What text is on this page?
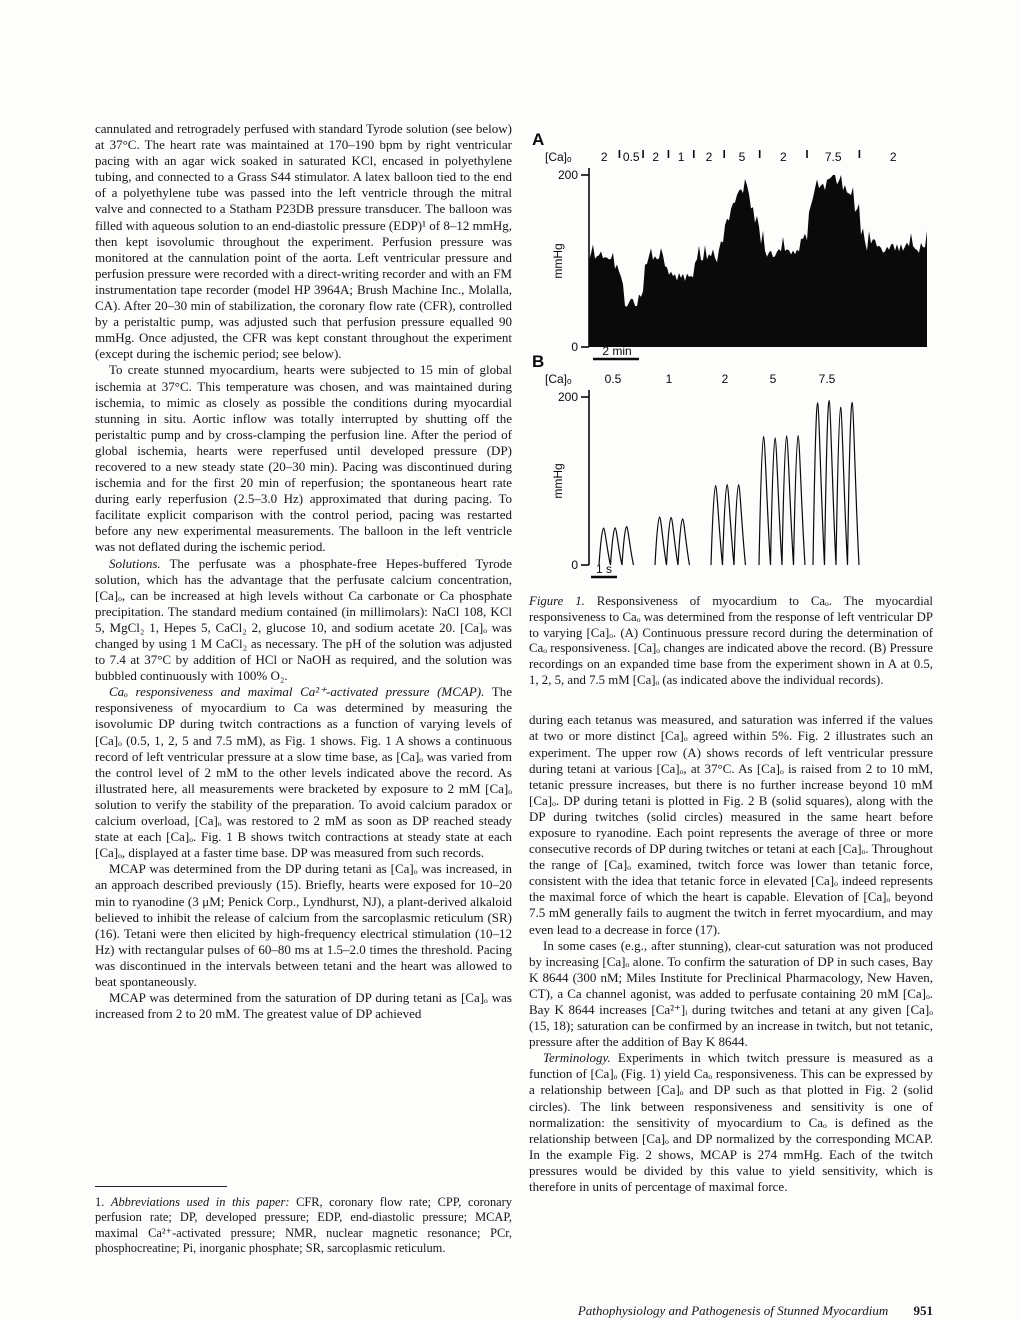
cannulated and retrogradely perfused with standard Tyrode solution (see below) at 37°C. The heart rate was maintained at 170–190 bpm by right ventricular pacing with an agar wick soaked in saturated KCl, encased in polyethylene tubing, and connected to a Grass S44 stimulator. A latex balloon tied to the end of a polyethylene tube was passed into the left ventricle through the mitral valve and connected to a Statham P23DB pressure transducer. The balloon was filled with aqueous solution to an end-diastolic pressure (EDP)¹ of 8–12 mmHg, then kept isovolumic throughout the experiment. Perfusion pressure was monitored at the cannulation point of the aorta. Left ventricular pressure and perfusion pressure were recorded with a direct-writing recorder and with an FM instrumentation tape recorder (model HP 3964A; Brush Machine Inc., Molalla, CA). After 20–30 min of stabilization, the coronary flow rate (CFR), controlled by a peristaltic pump, was adjusted such that perfusion pressure equalled 90 mmHg. Once adjusted, the CFR was kept constant throughout the experiment (except during the ischemic period; see below).

To create stunned myocardium, hearts were subjected to 15 min of global ischemia at 37°C. This temperature was chosen, and was maintained during ischemia, to mimic as closely as possible the conditions during myocardial stunning in situ. Aortic inflow was totally interrupted by shutting off the peristaltic pump and by cross-clamping the perfusion line. After the period of global ischemia, hearts were reperfused until developed pressure (DP) recovered to a new steady state (20–30 min). Pacing was discontinued during ischemia and for the first 20 min of reperfusion; the spontaneous heart rate during early reperfusion (2.5–3.0 Hz) approximated that during pacing. To facilitate explicit comparison with the control period, pacing was restarted before any new experimental measurements. The balloon in the left ventricle was not deflated during the ischemic period.

Solutions. The perfusate was a phosphate-free Hepes-buffered Tyrode solution, which has the advantage that the perfusate calcium concentration, [Ca]ₒ, can be increased at high levels without Ca carbonate or Ca phosphate precipitation. The standard medium contained (in millimolars): NaCl 108, KCl 5, MgCl₂ 1, Hepes 5, CaCl₂ 2, glucose 10, and sodium acetate 20. [Ca]ₒ was changed by using 1 M CaCl₂ as necessary. The pH of the solution was adjusted to 7.4 at 37°C by addition of HCl or NaOH as required, and the solution was bubbled continuously with 100% O₂.

Caₒ responsiveness and maximal Ca²⁺-activated pressure (MCAP). The responsiveness of myocardium to Ca was determined by measuring the isovolumic DP during twitch contractions as a function of varying levels of [Ca]ₒ (0.5, 1, 2, 5 and 7.5 mM), as Fig. 1 shows. Fig. 1 A shows a continuous record of left ventricular pressure at a slow time base, as [Ca]ₒ was varied from the control level of 2 mM to the other levels indicated above the record. As illustrated here, all measurements were bracketed by exposure to 2 mM [Ca]ₒ solution to verify the stability of the preparation. To avoid calcium paradox or calcium overload, [Ca]ₒ was restored to 2 mM as soon as DP reached steady state at each [Ca]ₒ. Fig. 1 B shows twitch contractions at steady state at each [Ca]ₒ, displayed at a faster time base. DP was measured from such records.

MCAP was determined from the DP during tetani as [Ca]ₒ was increased, in an approach described previously (15). Briefly, hearts were exposed for 10–20 min to ryanodine (3 μM; Penick Corp., Lyndhurst, NJ), a plant-derived alkaloid believed to inhibit the release of calcium from the sarcoplasmic reticulum (SR) (16). Tetani were then elicited by high-frequency electrical stimulation (10–12 Hz) with rectangular pulses of 60–80 ms at 1.5–2.0 times the threshold. Pacing was discontinued in the intervals between tetani and the heart was allowed to beat spontaneously.

MCAP was determined from the saturation of DP during tetani as [Ca]ₒ was increased from 2 to 20 mM. The greatest value of DP achieved

A
[Ca]ₒ
200
0
mmHg
2 0.5 2 1 2 5	2	7.5	2
2 min
B
[Ca]ₒ
200
0
mmHg
0.5	1	2	5	7.5
1 s

Figure 1. Responsiveness of myocardium to Caₒ. The myocardial responsiveness to Caₒ was determined from the response of left ventricular DP to varying [Ca]ₒ. (A) Continuous pressure record during the determination of Caₒ responsiveness. [Ca]ₒ changes are indicated above the record. (B) Pressure recordings on an expanded time base from the experiment shown in A at 0.5, 1, 2, 5, and 7.5 mM [Ca]ₒ (as indicated above the individual records).

during each tetanus was measured, and saturation was inferred if the values at two or more distinct [Ca]ₒ agreed within 5%. Fig. 2 illustrates such an experiment. The upper row (A) shows records of left ventricular pressure during tetani at various [Ca]ₒ, at 37°C. As [Ca]ₒ is raised from 2 to 10 mM, tetanic pressure increases, but there is no further increase beyond 10 mM [Ca]ₒ. DP during tetani is plotted in Fig. 2 B (solid squares), along with the DP during twitches (solid circles) measured in the same heart before exposure to ryanodine. Each point represents the average of three or more consecutive records of DP during twitches or tetani at each [Ca]ₒ. Throughout the range of [Ca]ₒ examined, twitch force was lower than tetanic force, consistent with the idea that tetanic force in elevated [Ca]ₒ indeed represents the maximal force of which the heart is capable. Elevation of [Ca]ₒ beyond 7.5 mM generally fails to augment the twitch in ferret myocardium, and may even lead to a decrease in force (17).

In some cases (e.g., after stunning), clear-cut saturation was not produced by increasing [Ca]ₒ alone. To confirm the saturation of DP in such cases, Bay K 8644 (300 nM; Miles Institute for Preclinical Pharmacology, New Haven, CT), a Ca channel agonist, was added to perfusate containing 20 mM [Ca]ₒ. Bay K 8644 increases [Ca²⁺]ᵢ during twitches and tetani at any given [Ca]ₒ (15, 18); saturation can be confirmed by an increase in twitch, but not tetanic, pressure after the addition of Bay K 8644.

Terminology. Experiments in which twitch pressure is measured as a function of [Ca]ₒ (Fig. 1) yield Caₒ responsiveness. This can be expressed by a relationship between [Ca]ₒ and DP such as that plotted in Fig. 2 (solid circles). The link between responsiveness and sensitivity is one of normalization: the sensitivity of myocardium to Caₒ is defined as the relationship between [Ca]ₒ and DP normalized by the corresponding MCAP. In the example Fig. 2 shows, MCAP is 274 mmHg. Each of the twitch pressures would be divided by this value to yield sensitivity, which is therefore in units of percentage of maximal force.

1. Abbreviations used in this paper: CFR, coronary flow rate; CPP, coronary perfusion rate; DP, developed pressure; EDP, end-diastolic pressure; MCAP, maximal Ca²⁺-activated pressure; NMR, nuclear magnetic resonance; PCr, phosphocreatine; Pi, inorganic phosphate; SR, sarcoplasmic reticulum.

Pathophysiology and Pathogenesis of Stunned Myocardium 951
